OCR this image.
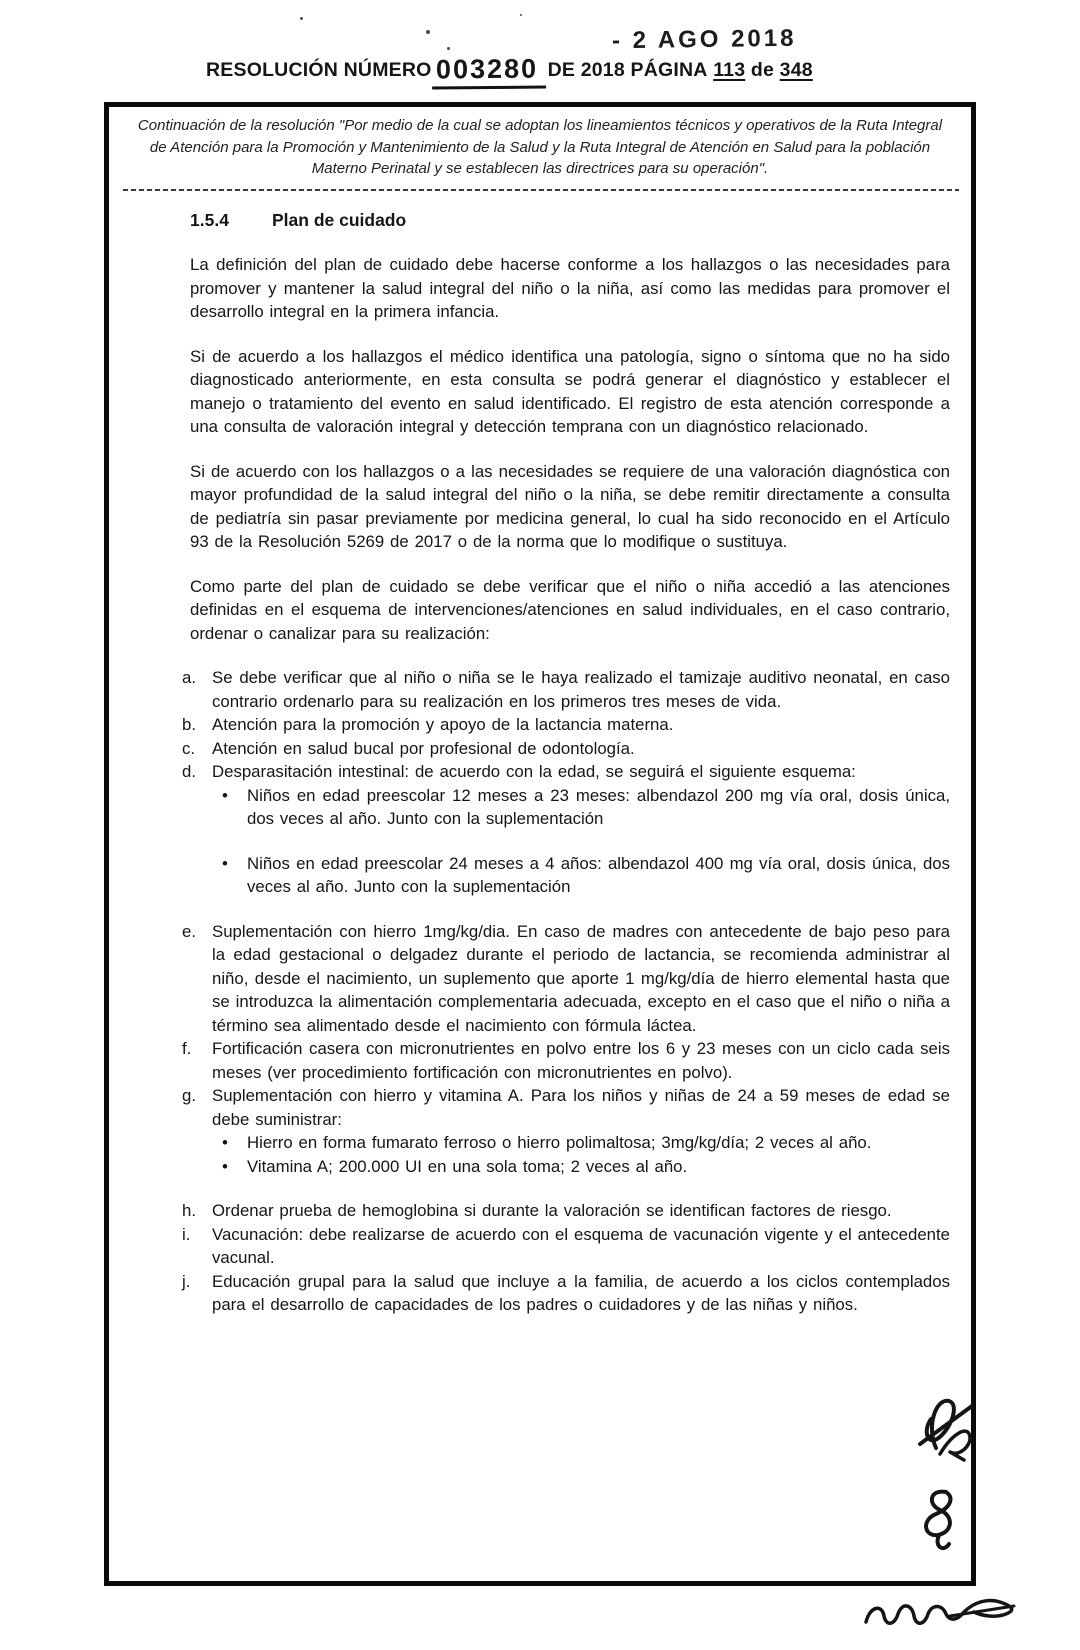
- 2 AGO 2018
RESOLUCIÓN NÚMERO 003280 DE 2018 PÁGINA 113 de 348
Continuación de la resolución "Por medio de la cual se adoptan los lineamientos técnicos y operativos de la Ruta Integral de Atención para la Promoción y Mantenimiento de la Salud y la Ruta Integral de Atención en Salud para la población Materno Perinatal y se establecen las directrices para su operación".
1.5.4 Plan de cuidado

La definición del plan de cuidado debe hacerse conforme a los hallazgos o las necesidades para promover y mantener la salud integral del niño o la niña, así como las medidas para promover el desarrollo integral en la primera infancia.

Si de acuerdo a los hallazgos el médico identifica una patología, signo o síntoma que no ha sido diagnosticado anteriormente, en esta consulta se podrá generar el diagnóstico y establecer el manejo o tratamiento del evento en salud identificado. El registro de esta atención corresponde a una consulta de valoración integral y detección temprana con un diagnóstico relacionado.

Si de acuerdo con los hallazgos o a las necesidades se requiere de una valoración diagnóstica con mayor profundidad de la salud integral del niño o la niña, se debe remitir directamente a consulta de pediatría sin pasar previamente por medicina general, lo cual ha sido reconocido en el Artículo 93 de la Resolución 5269 de 2017 o de la norma que lo modifique o sustituya.

Como parte del plan de cuidado se debe verificar que el niño o niña accedió a las atenciones definidas en el esquema de intervenciones/atenciones en salud individuales, en el caso contrario, ordenar o canalizar para su realización:

a. Se debe verificar que al niño o niña se le haya realizado el tamizaje auditivo neonatal, en caso contrario ordenarlo para su realización en los primeros tres meses de vida.
b. Atención para la promoción y apoyo de la lactancia materna.
c.	Atención en salud bucal por profesional de odontología.
d. Desparasitación intestinal: de acuerdo con la edad, se seguirá el siguiente esquema:
•	Niños en edad preescolar 12 meses a 23 meses: albendazol 200 mg vía oral, dosis única, dos veces al año. Junto con la suplementación
•	Niños en edad preescolar 24 meses a 4 años: albendazol 400 mg vía oral, dosis única, dos veces al año. Junto con la suplementación
e. Suplementación con hierro 1mg/kg/dia. En caso de madres con antecedente de bajo peso para la edad gestacional o delgadez durante el periodo de lactancia, se recomienda administrar al niño, desde el nacimiento, un suplemento que aporte 1 mg/kg/día de hierro elemental hasta que se introduzca la alimentación complementaria adecuada, excepto en el caso que el niño o niña a término sea alimentado desde el nacimiento con fórmula láctea.
f.	Fortificación casera con micronutrientes en polvo entre los 6 y 23 meses con un ciclo cada seis meses (ver procedimiento fortificación con micronutrientes en polvo).
g. Suplementación con hierro y vitamina A. Para los niños y niñas de 24 a 59 meses de edad se debe suministrar:
•	Hierro en forma fumarato ferroso o hierro polimaltosa; 3mg/kg/día; 2 veces al año.
•	Vitamina A; 200.000 UI en una sola toma; 2 veces al año.
h. Ordenar prueba de hemoglobina si durante la valoración se identifican factores de riesgo.
i.	Vacunación: debe realizarse de acuerdo con el esquema de vacunación vigente y el antecedente vacunal.
j.	Educación grupal para la salud que incluye a la familia, de acuerdo a los ciclos contemplados para el desarrollo de capacidades de los padres o cuidadores y de las niñas y niños.
